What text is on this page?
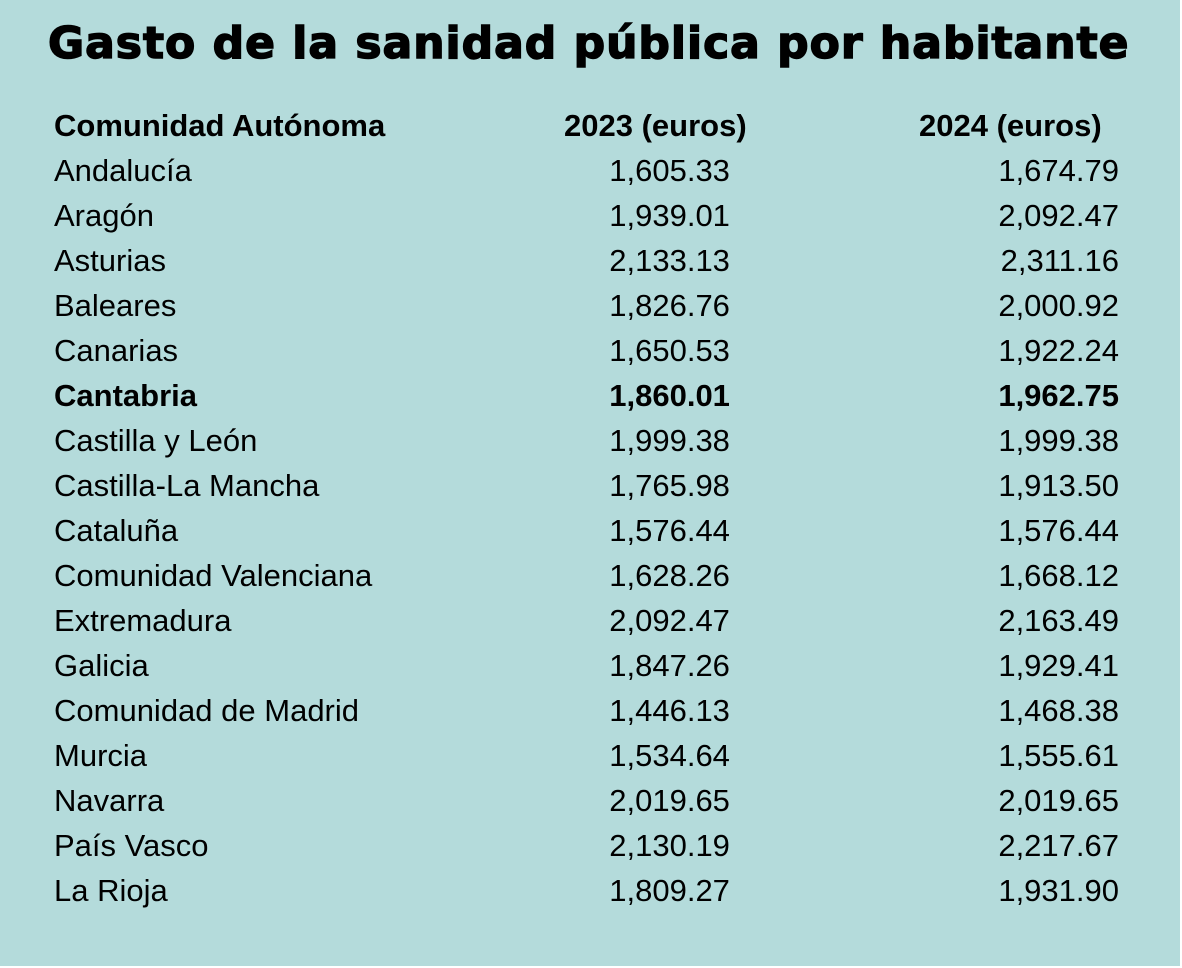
Gasto de la sanidad pública por habitante
Comunidad Autónoma	2023 (euros)		2024 (euros)
Andalucía	1,605.33		1,674.79
Aragón	1,939.01		2,092.47
Asturias	2,133.13		2,311.16
Baleares	1,826.76		2,000.92
Canarias	1,650.53		1,922.24
Cantabria	1,860.01		1,962.75
Castilla y León	1,999.38		1,999.38
Castilla-La Mancha	1,765.98		1,913.50
Cataluña	1,576.44		1,576.44
Comunidad Valenciana	1,628.26		1,668.12
Extremadura	2,092.47		2,163.49
Galicia	1,847.26		1,929.41
Comunidad de Madrid	1,446.13		1,468.38
Murcia	1,534.64		1,555.61
Navarra	2,019.65		2,019.65
País Vasco	2,130.19		2,217.67
La Rioja	1,809.27		1,931.90
